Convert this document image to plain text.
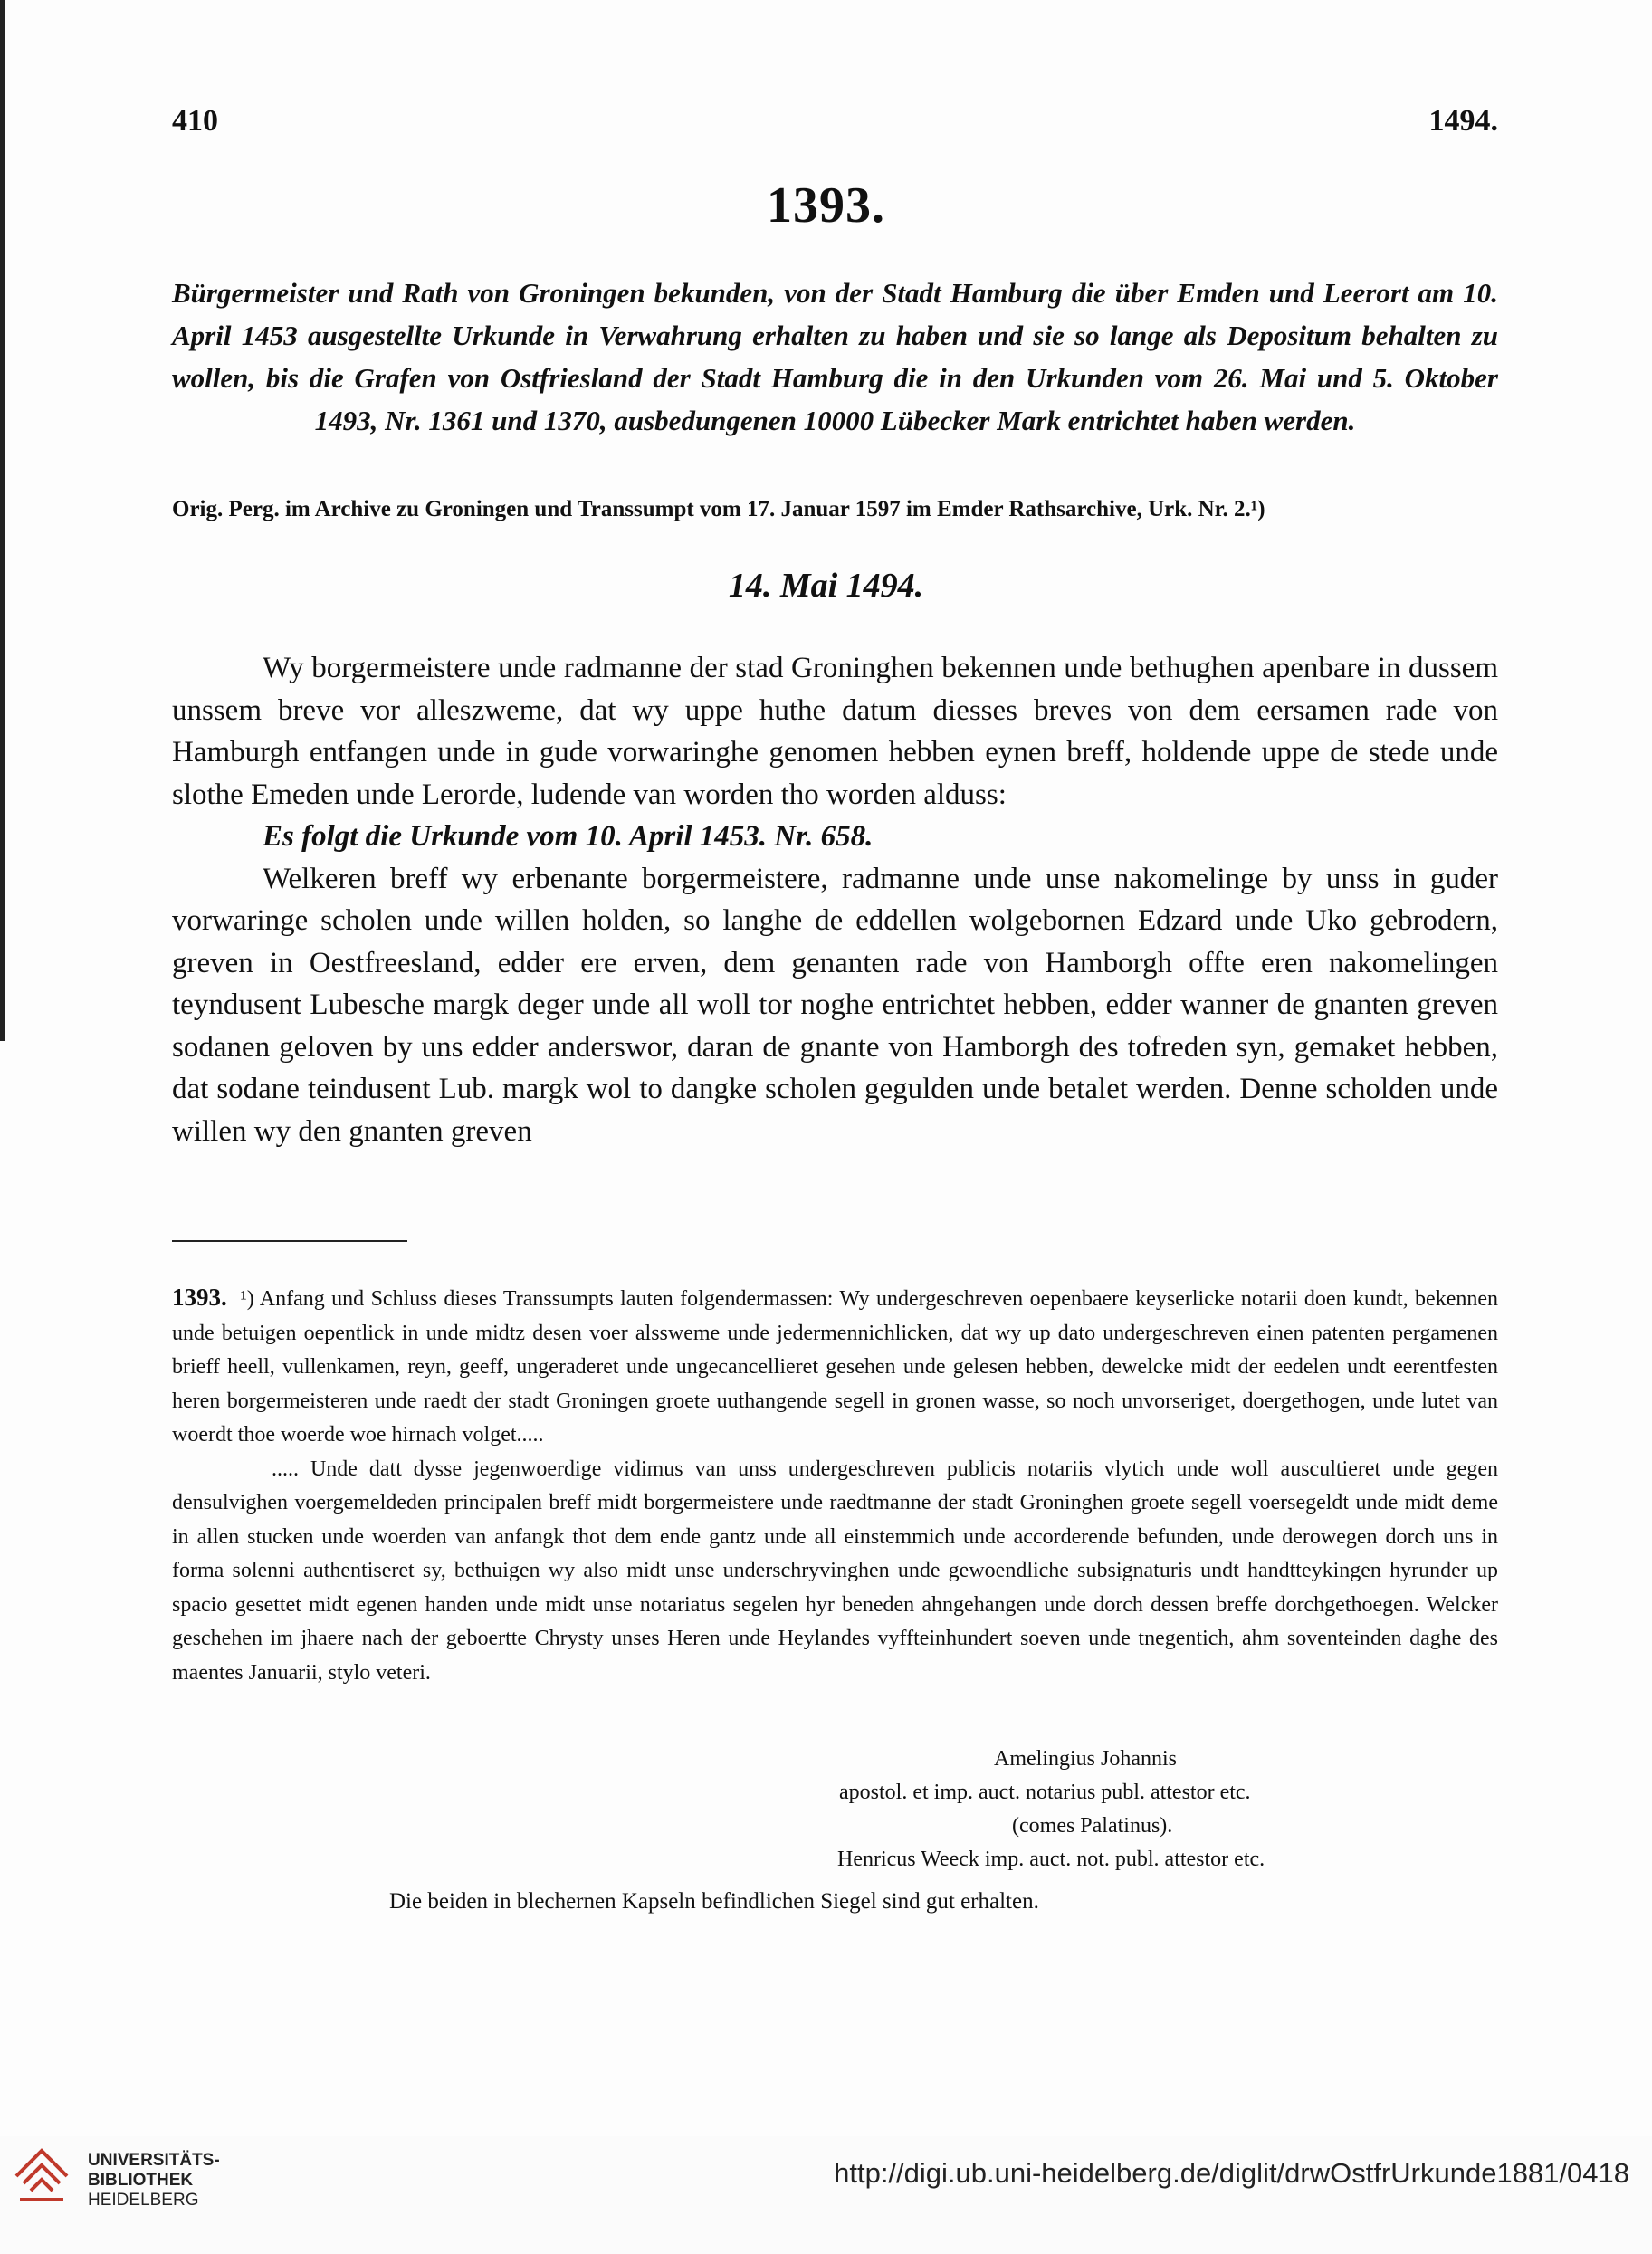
410	1494.
1393.
Bürgermeister und Rath von Groningen bekunden, von der Stadt Hamburg die über Emden und Leerort am 10. April 1453 ausgestellte Urkunde in Verwahrung erhalten zu haben und sie so lange als Depositum behalten zu wollen, bis die Grafen von Ostfriesland der Stadt Hamburg die in den Urkunden vom 26. Mai und 5. Oktober 1493, Nr. 1361 und 1370, ausbedungenen 10000 Lübecker Mark entrichtet haben werden.
Orig. Perg. im Archive zu Groningen und Transsumpt vom 17. Januar 1597 im Emder Rathsarchive, Urk. Nr. 2.¹)
14. Mai 1494.

Wy borgermeistere unde radmanne der stad Groninghen bekennen unde bethughen apenbare in dussem unssem breve vor alleszweme, dat wy uppe huthe datum diesses breves von dem eersamen rade von Hamburgh entfangen unde in gude vorwaringhe genomen hebben eynen breff, holdende uppe de stede unde slothe Emeden unde Lerorde, ludende van worden tho worden alduss:

Es folgt die Urkunde vom 10. April 1453. Nr. 658.

Welkeren breff wy erbenante borgermeistere, radmanne unde unse nakomelinge by unss in guder vorwaringe scholen unde willen holden, so langhe de eddellen wolgebornen Edzard unde Uko gebrodern, greven in Oestfreesland, edder ere erven, dem genanten rade von Hamborgh offte eren nakomelingen teyndusent Lubesche margk deger unde all woll tor noghe entrichtet hebben, edder wanner de gnanten greven sodanen geloven by uns edder anderswor, daran de gnante von Hamborgh des tofreden syn, gemaket hebben, dat sodane teindusent Lub. margk wol to dangke scholen gegulden unde betalet werden. Denne scholden unde willen wy den gnanten greven

1393. ¹) Anfang und Schluss dieses Transsumpts lauten folgendermassen: Wy undergeschreven oepenbaere keyserlicke notarii doen kundt, bekennen unde betuigen oepentlick in unde midtz desen voer alssweme unde jedermennichlicken, dat wy up dato undergeschreven einen patenten pergamenen brieff heell, vullenkamen, reyn, geeff, ungeraderet unde ungecancellieret gesehen unde gelesen hebben, dewelcke midt der eedelen undt eerentfesten heren borgermeisteren unde raedt der stadt Groningen groete uuthangende segell in gronen wasse, so noch unvorseriget, doergethogen, unde lutet van woerdt thoe woerde woe hirnach volget.....

..... Unde datt dysse jegenwoerdige vidimus van unss undergeschreven publicis notariis vlytich unde woll auscultieret unde gegen densulvighen voergemeldeden principalen breff midt borgermeistere unde raedtmanne der stadt Groninghen groete segell voersegeldt unde midt deme in allen stucken unde woerden van anfangk thot dem ende gantz unde all einstemmich unde accorderende befunden, unde derowegen dorch uns in forma solenni authentiseret sy, bethuigen wy also midt unse underschryvinghen unde gewoendliche subsignaturis undt handtteykingen hyrunder up spacio gesettet midt egenen handen unde midt unse notariatus segelen hyr beneden ahngehangen unde dorch dessen breffe dorchgethoegen. Welcker geschehen im jhaere nach der geboertte Chrysty unses Heren unde Heylandes vyffteinhundert soeven unde tnegentich, ahm soventeinden daghe des maentes Januarii, stylo veteri.

Amelingius Johannis
apostol. et imp. auct. notarius publ. attestor etc.
(comes Palatinus).
Henricus Weeck imp. auct. not. publ. attestor etc.
Die beiden in blechernen Kapseln befindlichen Siegel sind gut erhalten.
UNIVERSITÄTS-
BIBLIOTHEK
HEIDELBERG
http://digi.ub.uni-heidelberg.de/diglit/drwOstfrUrkunde1881/0418
